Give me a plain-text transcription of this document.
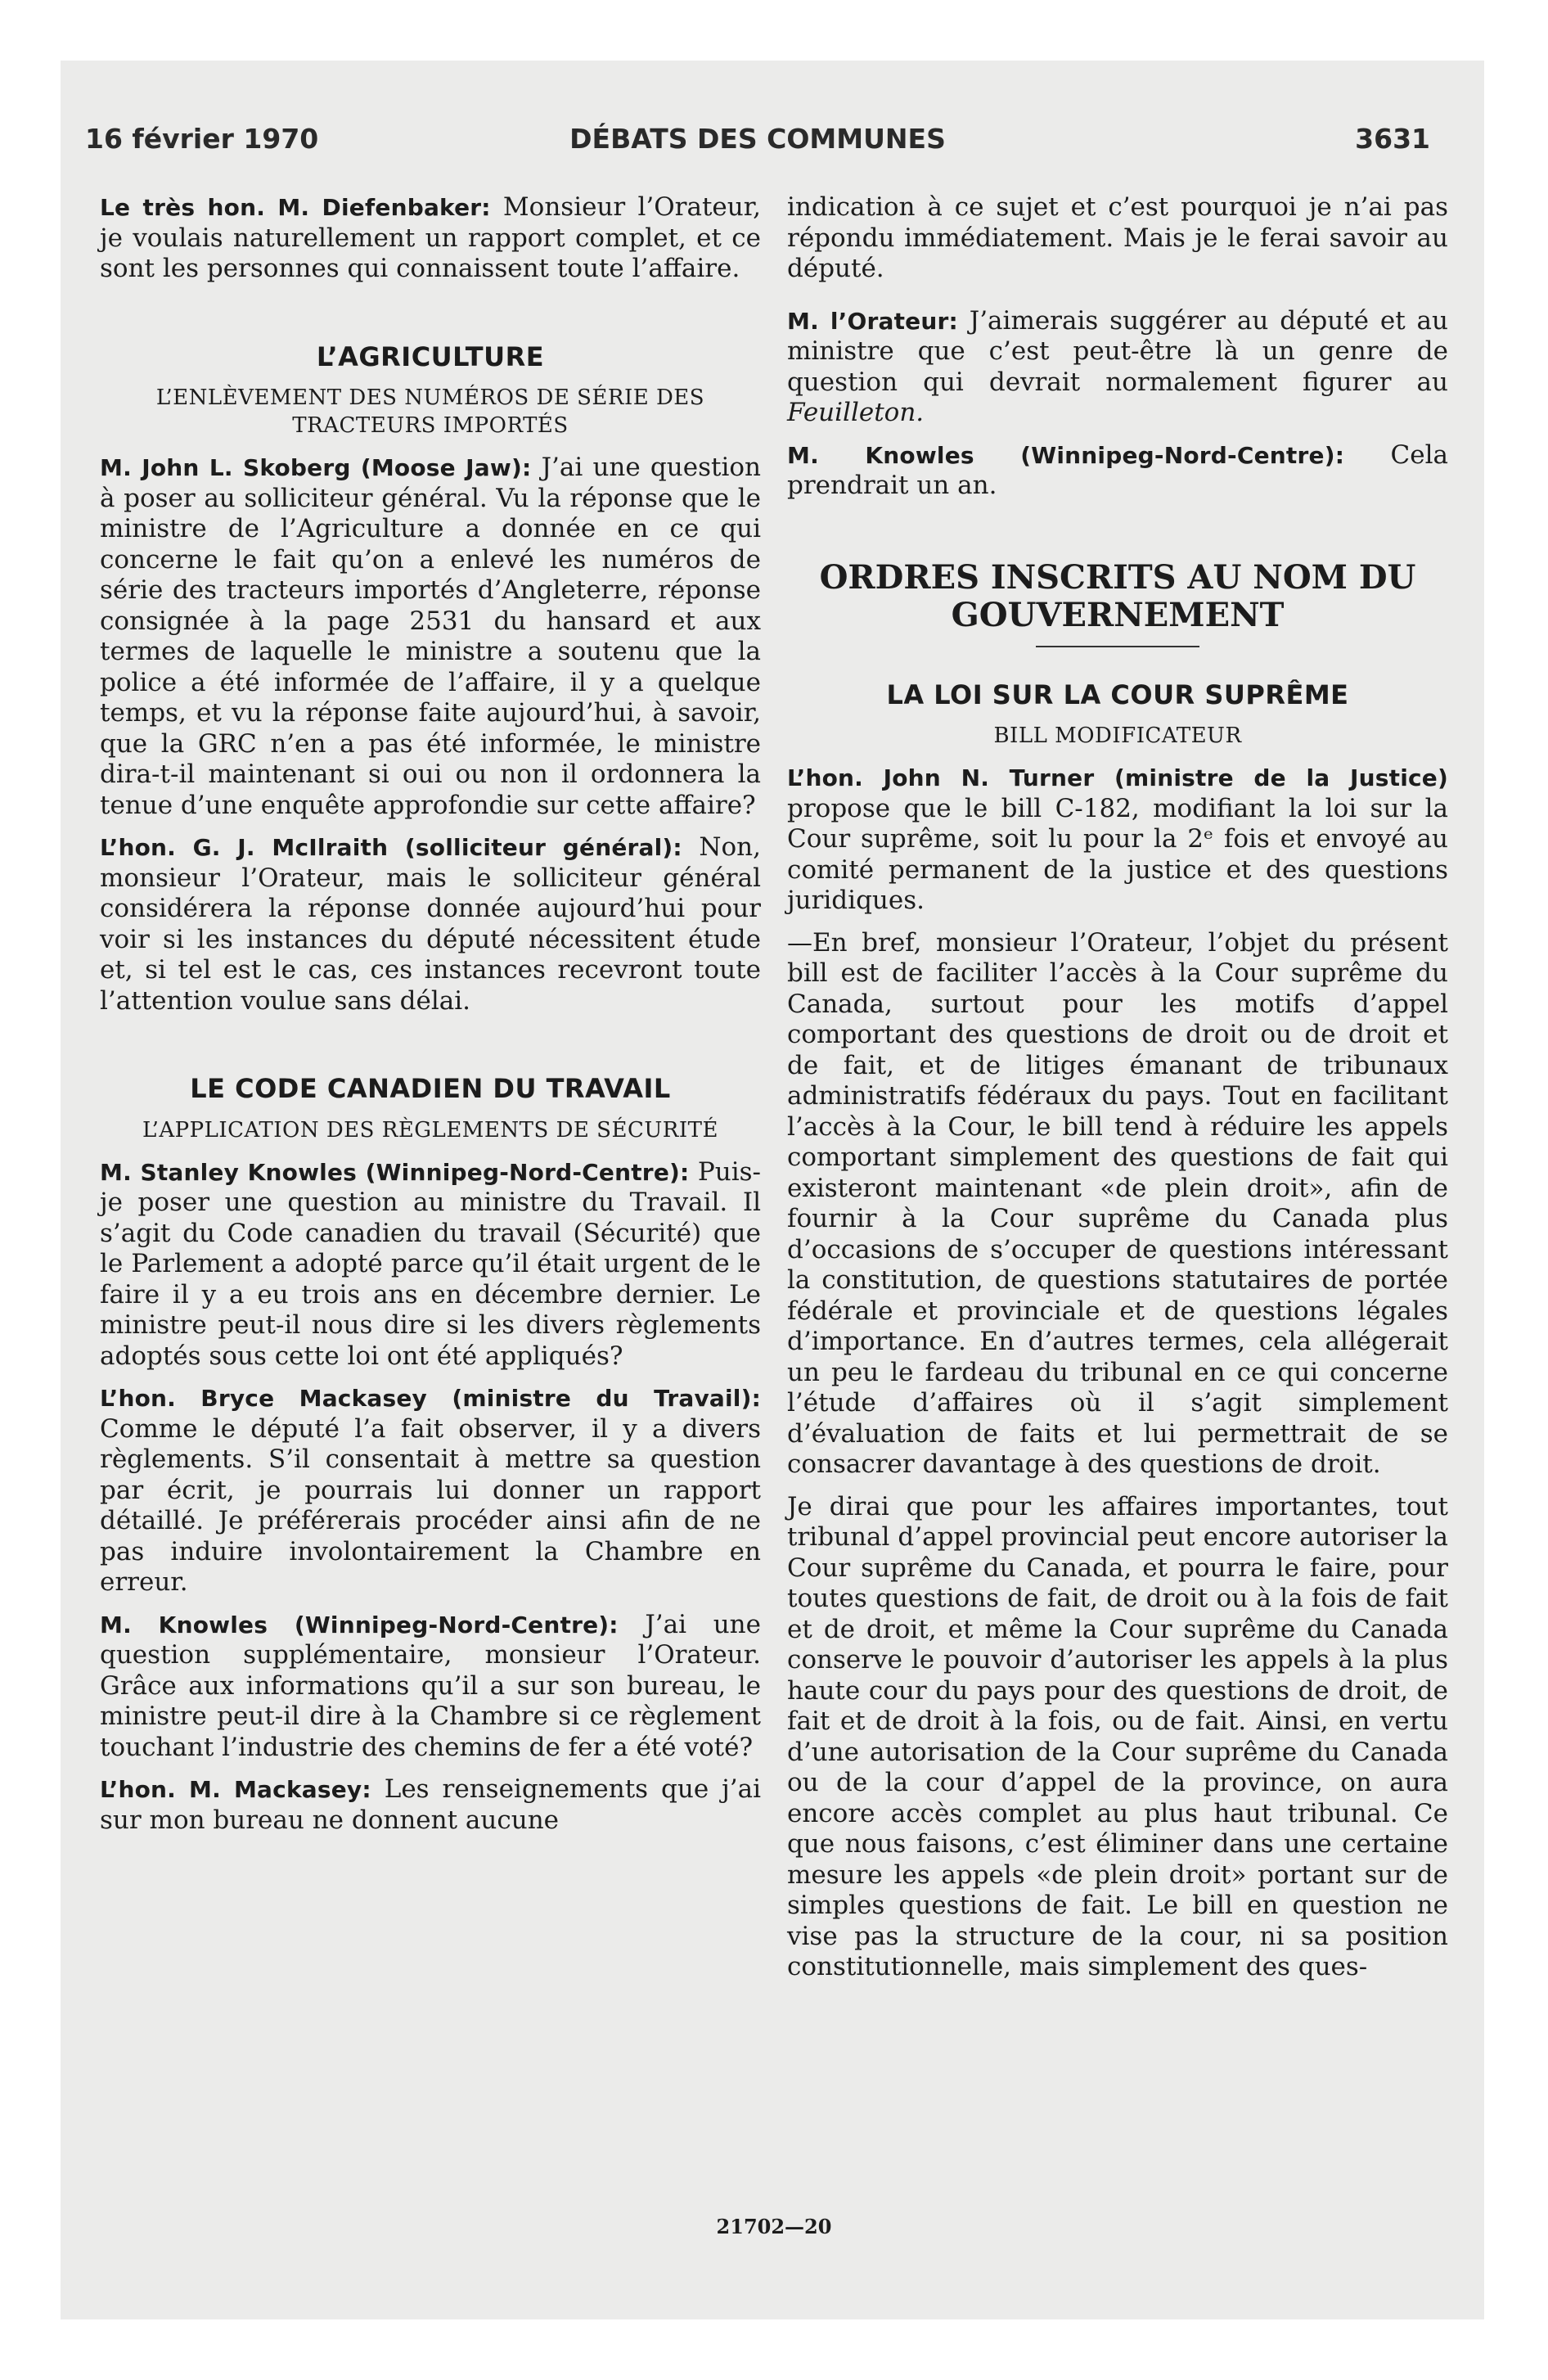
16 février 1970	DÉBATS DES COMMUNES	3631

Le très hon. M. Diefenbaker: Monsieur l’Orateur, je voulais naturellement un rapport complet, et ce sont les personnes qui connaissent toute l’affaire.

L’AGRICULTURE
L’ENLÈVEMENT DES NUMÉROS DE SÉRIE DES TRACTEURS IMPORTÉS

M. John L. Skoberg (Moose Jaw): J’ai une question à poser au solliciteur général. Vu la réponse que le ministre de l’Agriculture a donnée en ce qui concerne le fait qu’on a enlevé les numéros de série des tracteurs importés d’Angleterre, réponse consignée à la page 2531 du hansard et aux termes de laquelle le ministre a soutenu que la police a été informée de l’affaire, il y a quelque temps, et vu la réponse faite aujourd’hui, à savoir, que la GRC n’en a pas été informée, le ministre dira-t-il maintenant si oui ou non il ordonnera la tenue d’une enquête approfondie sur cette affaire?

L’hon. G. J. McIlraith (solliciteur général): Non, monsieur l’Orateur, mais le solliciteur général considérera la réponse donnée aujourd’hui pour voir si les instances du député nécessitent étude et, si tel est le cas, ces instances recevront toute l’attention voulue sans délai.

LE CODE CANADIEN DU TRAVAIL
L’APPLICATION DES RÈGLEMENTS DE SÉCURITÉ

M. Stanley Knowles (Winnipeg-Nord-Centre): Puis-je poser une question au ministre du Travail. Il s’agit du Code canadien du travail (Sécurité) que le Parlement a adopté parce qu’il était urgent de le faire il y a eu trois ans en décembre dernier. Le ministre peut-il nous dire si les divers règlements adoptés sous cette loi ont été appliqués?

L’hon. Bryce Mackasey (ministre du Travail): Comme le député l’a fait observer, il y a divers règlements. S’il consentait à mettre sa question par écrit, je pourrais lui donner un rapport détaillé. Je préférerais procéder ainsi afin de ne pas induire involontairement la Chambre en erreur.

M. Knowles (Winnipeg-Nord-Centre): J’ai une question supplémentaire, monsieur l’Orateur. Grâce aux informations qu’il a sur son bureau, le ministre peut-il dire à la Chambre si ce règlement touchant l’industrie des chemins de fer a été voté?

L’hon. M. Mackasey: Les renseignements que j’ai sur mon bureau ne donnent aucune

indication à ce sujet et c’est pourquoi je n’ai pas répondu immédiatement. Mais je le ferai savoir au député.

M. l’Orateur: J’aimerais suggérer au député et au ministre que c’est peut-être là un genre de question qui devrait normalement figurer au Feuilleton.

M. Knowles (Winnipeg-Nord-Centre): Cela prendrait un an.

ORDRES INSCRITS AU NOM DU GOUVERNEMENT
LA LOI SUR LA COUR SUPRÊME
BILL MODIFICATEUR

L’hon. John N. Turner (ministre de la Justice) propose que le bill C-182, modifiant la loi sur la Cour suprême, soit lu pour la 2ᵉ fois et envoyé au comité permanent de la justice et des questions juridiques.

—En bref, monsieur l’Orateur, l’objet du présent bill est de faciliter l’accès à la Cour suprême du Canada, surtout pour les motifs d’appel comportant des questions de droit ou de droit et de fait, et de litiges émanant de tribunaux administratifs fédéraux du pays. Tout en facilitant l’accès à la Cour, le bill tend à réduire les appels comportant simplement des questions de fait qui existeront maintenant «de plein droit», afin de fournir à la Cour suprême du Canada plus d’occasions de s’occuper de questions intéressant la constitution, de questions statutaires de portée fédérale et provinciale et de questions légales d’importance. En d’autres termes, cela allégerait un peu le fardeau du tribunal en ce qui concerne l’étude d’affaires où il s’agit simplement d’évaluation de faits et lui permettrait de se consacrer davantage à des questions de droit.

Je dirai que pour les affaires importantes, tout tribunal d’appel provincial peut encore autoriser la Cour suprême du Canada, et pourra le faire, pour toutes questions de fait, de droit ou à la fois de fait et de droit, et même la Cour suprême du Canada conserve le pouvoir d’autoriser les appels à la plus haute cour du pays pour des questions de droit, de fait et de droit à la fois, ou de fait. Ainsi, en vertu d’une autorisation de la Cour suprême du Canada ou de la cour d’appel de la province, on aura encore accès complet au plus haut tribunal. Ce que nous faisons, c’est éliminer dans une certaine mesure les appels «de plein droit» portant sur de simples questions de fait. Le bill en question ne vise pas la structure de la cour, ni sa position constitutionnelle, mais simplement des ques-

21702—20
